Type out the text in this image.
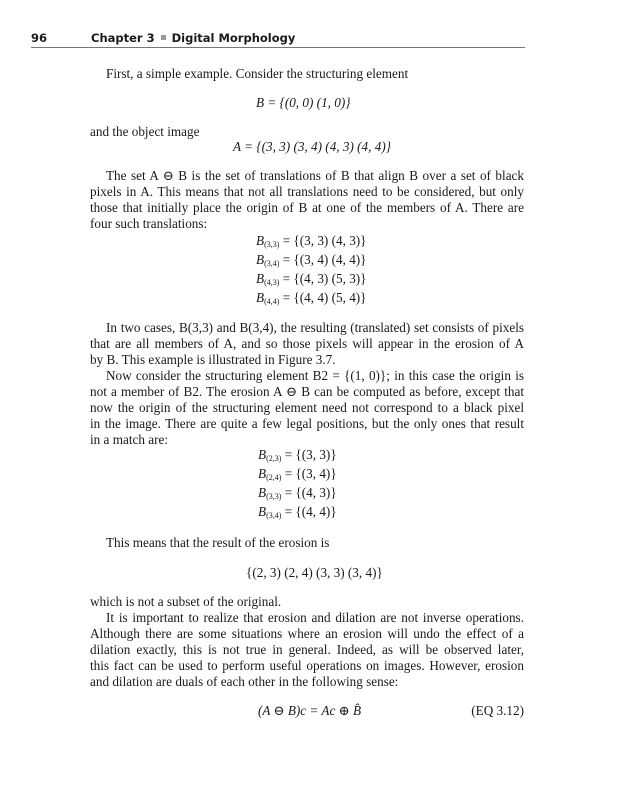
96	Chapter 3 Digital Morphology
First, a simple example. Consider the structuring element
B = {(0, 0) (1, 0)}
and the object image
A = {(3, 3) (3, 4) (4, 3) (4, 4)}
The set A ⊖ B is the set of translations of B that align B over a set of black
pixels in A. This means that not all translations need to be considered, but only
those that initially place the origin of B at one of the members of A. There are
four such translations:
$B_{(3,3)} = \{(3$, 3) (4, 3)}
$B_{(3,4)} = \{(3$, 4) (4, 4)}
$B_{(4,3)} = \{(4$, 3) (5, 3)}
$B_{(4,4)} = \{(4$, 4) (5, 4)}
In two cases, B(3,3) and B(3,4), the resulting (translated) set consists of pixels
that are all members of A, and so those pixels will appear in the erosion of A
by B. This example is illustrated in Figure 3.7.
Now consider the structuring element B2 = {(1, 0)}; in this case the origin is
not a member of B2. The erosion A ⊖ B can be computed as before, except that
now the origin of the structuring element need not correspond to a black pixel
in the image. There are quite a few legal positions, but the only ones that result
in a match are:
$B_{(2,3)} = \{(3$, 3)}
$B_{(2,4)} = \{(3$, 4)}
$B_{(3,3)} = \{(4$, 3)}
$B_{(3,4)} = \{(4$, 4)}
This means that the result of the erosion is
{(2, 3) (2, 4) (3, 3) (3, 4)}
which is not a subset of the original.
It is important to realize that erosion and dilation are not inverse operations.
Although there are some situations where an erosion will undo the effect of a
dilation exactly, this is not true in general. Indeed, as will be observed later,
this fact can be used to perform useful operations on images. However, erosion
and dilation are duals of each other in the following sense:
(A ⊖ B)c = Ac ⊕ B̂	(EQ 3.12)
